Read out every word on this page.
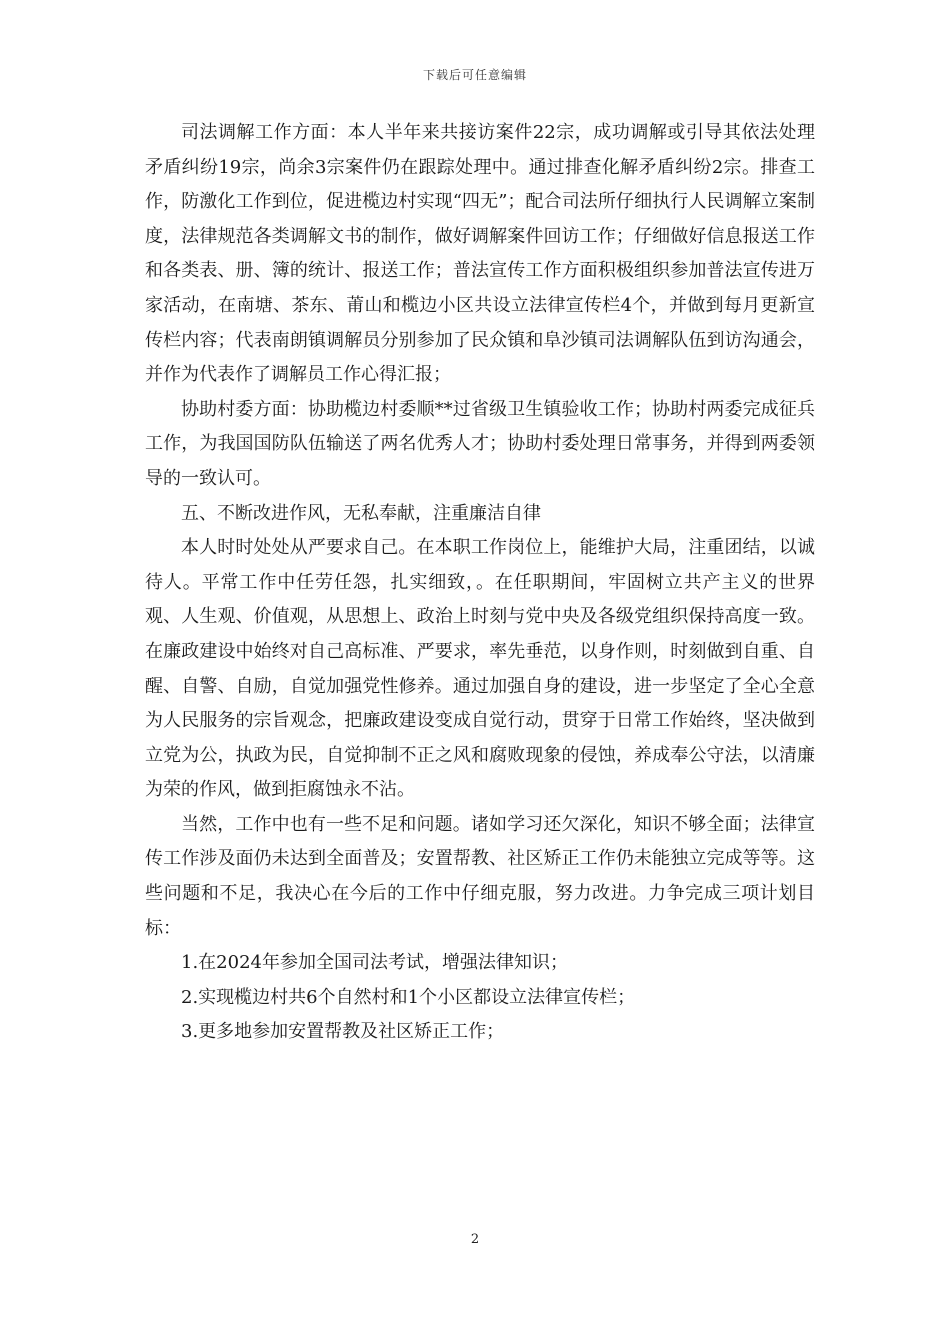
下载后可任意编辑

司法调解工作方面：本人半年来共接访案件22宗，成功调解或引导其依法处理矛盾纠纷19宗，尚余3宗案件仍在跟踪处理中。通过排查化解矛盾纠纷2宗。排查工作，防激化工作到位，促进榄边村实现“四无”；配合司法所仔细执行人民调解立案制度，法律规范各类调解文书的制作，做好调解案件回访工作；仔细做好信息报送工作和各类表、册、簿的统计、报送工作；普法宣传工作方面积极组织参加普法宣传进万家活动，在南塘、茶东、莆山和榄边小区共设立法律宣传栏4个，并做到每月更新宣传栏内容；代表南朗镇调解员分别参加了民众镇和阜沙镇司法调解队伍到访沟通会，并作为代表作了调解员工作心得汇报；

协助村委方面：协助榄边村委顺**过省级卫生镇验收工作；协助村两委完成征兵工作，为我国国防队伍输送了两名优秀人才；协助村委处理日常事务，并得到两委领导的一致认可。

五、不断改进作风，无私奉献，注重廉洁自律

本人时时处处从严要求自己。在本职工作岗位上，能维护大局，注重团结，以诚待人。平常工作中任劳任怨，扎实细致，。在任职期间，牢固树立共产主义的世界观、人生观、价值观，从思想上、政治上时刻与党中央及各级党组织保持高度一致。在廉政建设中始终对自己高标准、严要求，率先垂范，以身作则，时刻做到自重、自醒、自警、自励，自觉加强党性修养。通过加强自身的建设，进一步坚定了全心全意为人民服务的宗旨观念，把廉政建设变成自觉行动，贯穿于日常工作始终，坚决做到立党为公，执政为民，自觉抑制不正之风和腐败现象的侵蚀，养成奉公守法，以清廉为荣的作风，做到拒腐蚀永不沾。

当然，工作中也有一些不足和问题。诸如学习还欠深化，知识不够全面；法律宣传工作涉及面仍未达到全面普及；安置帮教、社区矫正工作仍未能独立完成等等。这些问题和不足，我决心在今后的工作中仔细克服，努力改进。力争完成三项计划目标：

1.在2024年参加全国司法考试，增强法律知识；

2.实现榄边村共6个自然村和1个小区都设立法律宣传栏；

3.更多地参加安置帮教及社区矫正工作；

2
